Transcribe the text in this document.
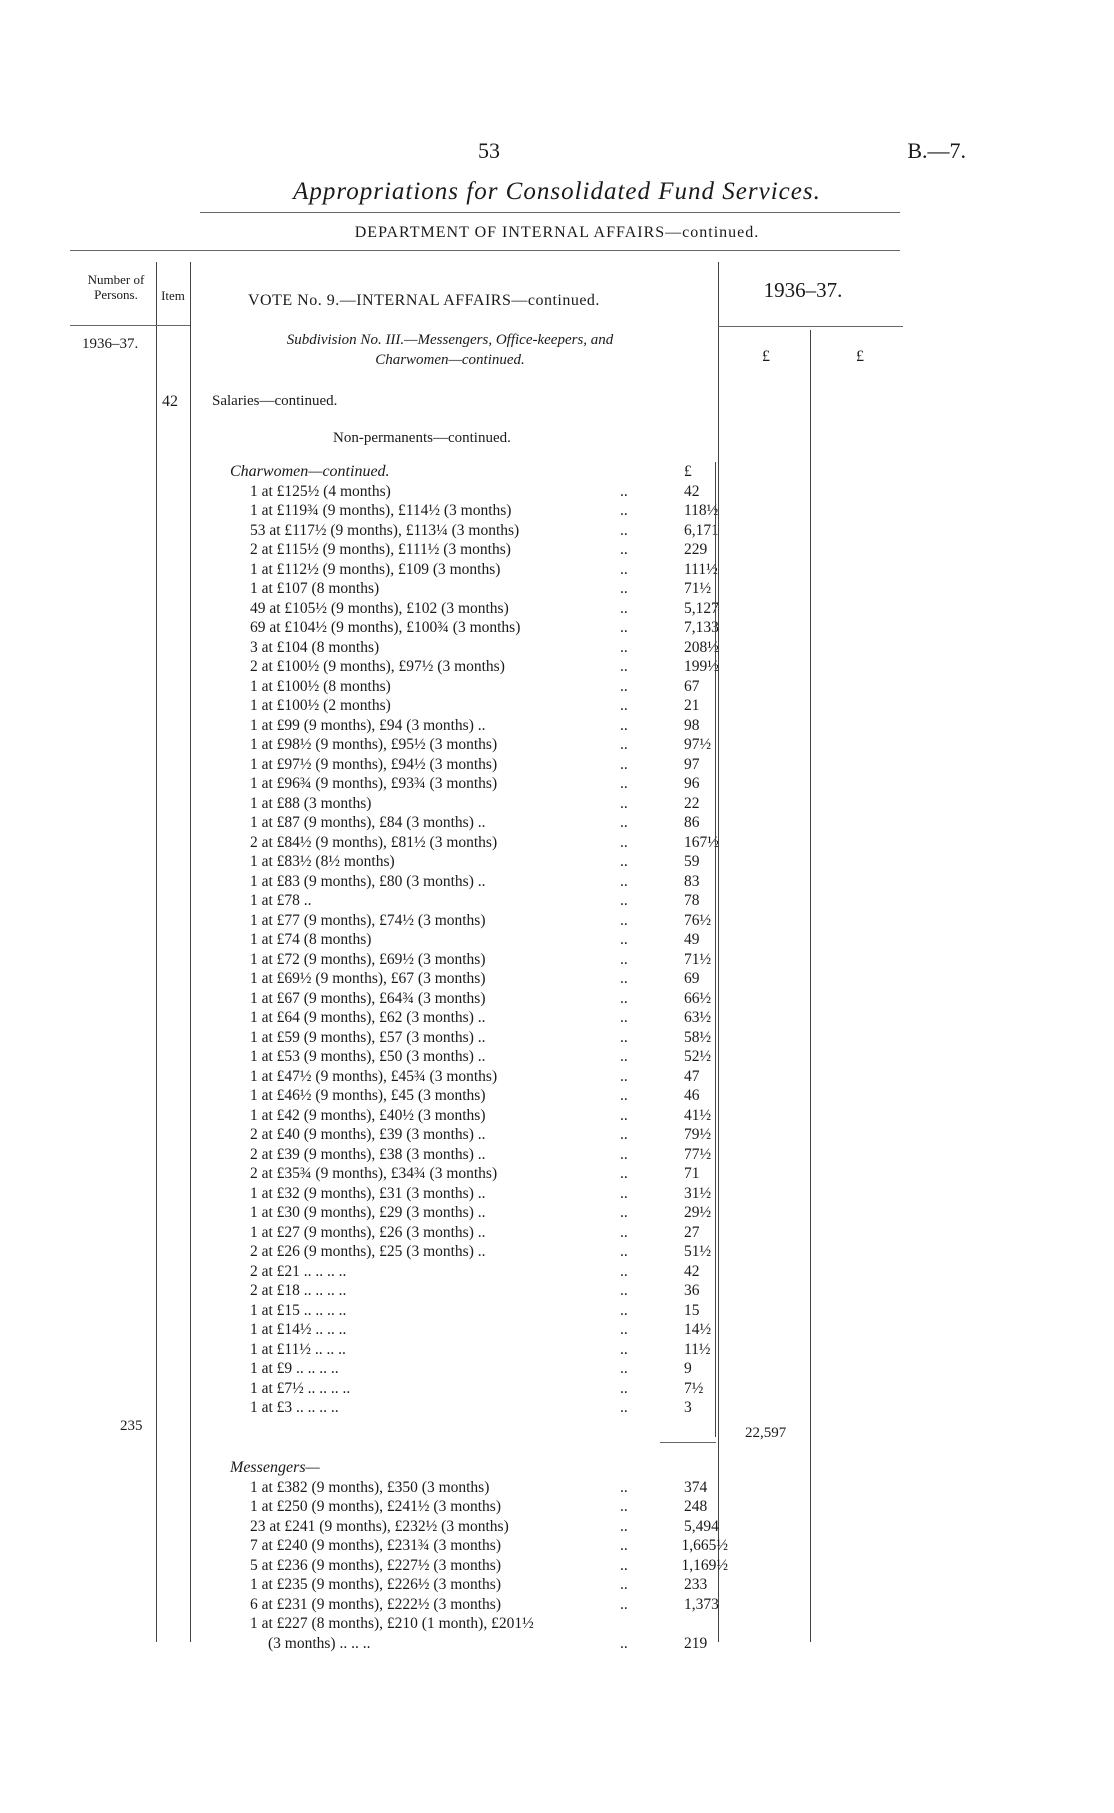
53	B.—7.
Appropriations for Consolidated Fund Services.
DEPARTMENT OF INTERNAL AFFAIRS—continued.
Number of Persons.	Item	VOTE No. 9.—INTERNAL AFFAIRS—continued.	1936–37.
1936–37.	Subdivision No. III.—Messengers, Office-keepers, and
Charwomen—continued.	£	£
42 Salaries—continued.
Non-permanents—continued.
Charwomen—continued.	£
1 at £125½ (4 months)	..	42
1 at £119¾ (9 months), £114½ (3 months)	..	118½
53 at £117½ (9 months), £113¼ (3 months)	..	6,171
2 at £115½ (9 months), £111½ (3 months)	..	229
1 at £112½ (9 months), £109 (3 months)	..	111½
1 at £107 (8 months)	..	71½
49 at £105½ (9 months), £102 (3 months)	..	5,127
69 at £104½ (9 months), £100¾ (3 months)	..	7,133
3 at £104 (8 months)	..	208½
2 at £100½ (9 months), £97½ (3 months)	..	199½
1 at £100½ (8 months)	..	67
1 at £100½ (2 months)	..	21
1 at £99 (9 months), £94 (3 months) ..	..	98
1 at £98½ (9 months), £95½ (3 months)	..	97½
1 at £97½ (9 months), £94½ (3 months)	..	97
1 at £96¾ (9 months), £93¾ (3 months)	..	96
1 at £88 (3 months)	..	22
1 at £87 (9 months), £84 (3 months) ..	..	86
2 at £84½ (9 months), £81½ (3 months)	..	167½
1 at £83½ (8½ months)	..	59
1 at £83 (9 months), £80 (3 months) ..	..	83
1 at £78 ..	..	78
1 at £77 (9 months), £74½ (3 months)	..	76½
1 at £74 (8 months)	..	49
1 at £72 (9 months), £69½ (3 months)	..	71½
1 at £69½ (9 months), £67 (3 months)	..	69
1 at £67 (9 months), £64¾ (3 months)	..	66½
1 at £64 (9 months), £62 (3 months) ..	..	63½
1 at £59 (9 months), £57 (3 months) ..	..	58½
1 at £53 (9 months), £50 (3 months) ..	..	52½
1 at £47½ (9 months), £45¾ (3 months)	..	47
1 at £46½ (9 months), £45 (3 months)	..	46
1 at £42 (9 months), £40½ (3 months)	..	41½
2 at £40 (9 months), £39 (3 months) ..	..	79½
2 at £39 (9 months), £38 (3 months) ..	..	77½
2 at £35¾ (9 months), £34¾ (3 months)	..	71
1 at £32 (9 months), £31 (3 months) ..	..	31½
1 at £30 (9 months), £29 (3 months) ..	..	29½
1 at £27 (9 months), £26 (3 months) ..	..	27
2 at £26 (9 months), £25 (3 months) ..	..	51½
2 at £21 .. .. .. ..	..	42
2 at £18 .. .. .. ..	..	36
1 at £15 .. .. .. ..	..	15
1 at £14½ .. .. ..	..	14½
1 at £11½ .. .. ..	..	11½
1 at £9 .. .. .. ..	..	9
1 at £7½ .. .. .. ..	..	7½
1 at £3 .. .. .. ..	..	3
235	22,597
Messengers—
1 at £382 (9 months), £350 (3 months)	..	374
1 at £250 (9 months), £241½ (3 months)	..	248
23 at £241 (9 months), £232½ (3 months)	..	5,494
7 at £240 (9 months), £231¾ (3 months)	..	1,665½
5 at £236 (9 months), £227½ (3 months)	..	1,169½
1 at £235 (9 months), £226½ (3 months)	..	233
6 at £231 (9 months), £222½ (3 months)	..	1,373
1 at £227 (8 months), £210 (1 month), £201½
(3 months) .. .. ..	..	219
